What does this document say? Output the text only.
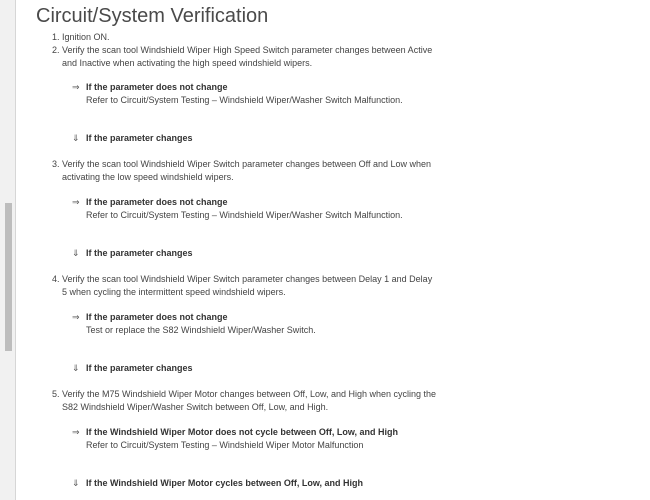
Circuit/System Verification
1. Ignition ON.
2. Verify the scan tool Windshield Wiper High Speed Switch parameter changes between Active
and Inactive when activating the high speed windshield wipers.
⇒ If the parameter does not change
Refer to Circuit/System Testing – Windshield Wiper/Washer Switch Malfunction.
⇓ If the parameter changes
3. Verify the scan tool Windshield Wiper Switch parameter changes between Off and Low when
activating the low speed windshield wipers.
⇒ If the parameter does not change
Refer to Circuit/System Testing – Windshield Wiper/Washer Switch Malfunction.
⇓ If the parameter changes
4. Verify the scan tool Windshield Wiper Switch parameter changes between Delay 1 and Delay
5 when cycling the intermittent speed windshield wipers.
⇒ If the parameter does not change
Test or replace the S82 Windshield Wiper/Washer Switch.
⇓ If the parameter changes
5. Verify the M75 Windshield Wiper Motor changes between Off, Low, and High when cycling the
S82 Windshield Wiper/Washer Switch between Off, Low, and High.
⇒ If the Windshield Wiper Motor does not cycle between Off, Low, and High
Refer to Circuit/System Testing – Windshield Wiper Motor Malfunction
⇓ If the Windshield Wiper Motor cycles between Off, Low, and High
